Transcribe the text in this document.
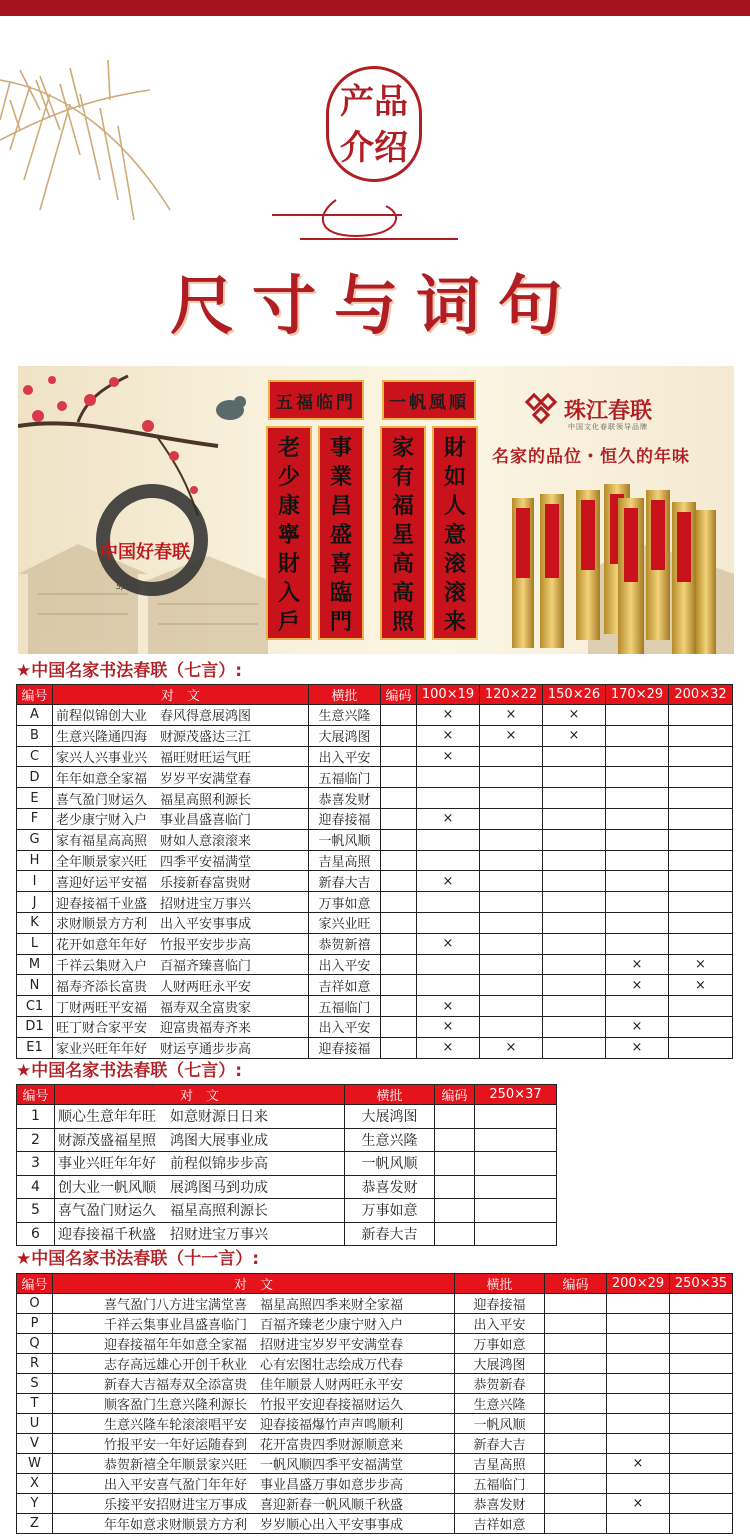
产品
介绍
尺寸与词句
中国好春联
Spring Couplets
五福临門	一帆風順
老
少
康
寧
財
入
戶
事
業
昌
盛
喜
臨
門
家
有
福
星
高
高
照
財
如
人
意
滚
滚
来
珠江春联
中国文化春联领导品牌
名家的品位・恒久的年味
★中国名家书法春联（七言）:
编号	对　文	横批	编码	100×19	120×22	150×26	170×29	200×32
A	前程似锦创大业　春风得意展鸿图	生意兴隆		×	×	×		
B	生意兴隆通四海　财源茂盛达三江	大展鸿图		×	×	×		
C	家兴人兴事业兴　福旺财旺运气旺	出入平安		×				
D	年年如意全家福　岁岁平安满堂春	五福临门						
E	喜气盈门财运久　福星高照利源长	恭喜发财						
F	老少康宁财入户　事业昌盛喜临门	迎春接福		×				
G	家有福星高高照　财如人意滚滚来	一帆风顺						
H	全年顺景家兴旺　四季平安福满堂	吉星高照						
I	喜迎好运平安福　乐接新春富贵财	新春大吉		×				
J	迎春接福千业盛　招财进宝万事兴	万事如意						
K	求财顺景方方利　出入平安事事成	家兴业旺						
L	花开如意年年好　竹报平安步步高	恭贺新禧		×				
M	千祥云集财入户　百福齐臻喜临门	出入平安					×	×
N	福寿齐添长富贵　人财两旺永平安	吉祥如意					×	×
C1	丁财两旺平安福　福寿双全富贵家	五福临门		×				
D1	旺丁财合家平安　迎富贵福寿齐来	出入平安		×			×	
E1	家业兴旺年年好　财运亨通步步高	迎春接福		×	×		×	
★中国名家书法春联（七言）:
编号	对　文	横批	编码	250×37
1	顺心生意年年旺　如意财源日日来	大展鸿图		
2	财源茂盛福星照　鸿图大展事业成	生意兴隆		
3	事业兴旺年年好　前程似锦步步高	一帆风顺		
4	创大业一帆风顺　展鸿图马到功成	恭喜发财		
5	喜气盈门财运久　福星高照利源长	万事如意		
6	迎春接福千秋盛　招财进宝万事兴	新春大吉		
★中国名家书法春联（十一言）:
编号	对　文	横批	编码	200×29	250×35
O	喜气盈门八方进宝满堂喜　福星高照四季来财全家福	迎春接福			
P	千祥云集事业昌盛喜临门　百福齐臻老少康宁财入户	出入平安			
Q	迎春接福年年如意全家福　招财进宝岁岁平安满堂春	万事如意			
R	志存高远雄心开创千秋业　心有宏图壮志绘成万代春	大展鸿图			
S	新春大吉福寿双全添富贵　佳年顺景人财两旺永平安	恭贺新春			
T	顺客盈门生意兴隆利源长　竹报平安迎春接福财运久	生意兴隆			
U	生意兴隆车轮滚滚唱平安　迎春接福爆竹声声鸣顺利	一帆风顺			
V	竹报平安一年好运随春到　花开富贵四季财源顺意来	新春大吉			
W	恭贺新禧全年顺景家兴旺　一帆风顺四季平安福满堂	吉星高照		×	
X	出入平安喜气盈门年年好　事业昌盛万事如意步步高	五福临门			
Y	乐接平安招财进宝万事成　喜迎新春一帆风顺千秋盛	恭喜发财		×	
Z	年年如意求财顺景方方利　岁岁顺心出入平安事事成	吉祥如意			
